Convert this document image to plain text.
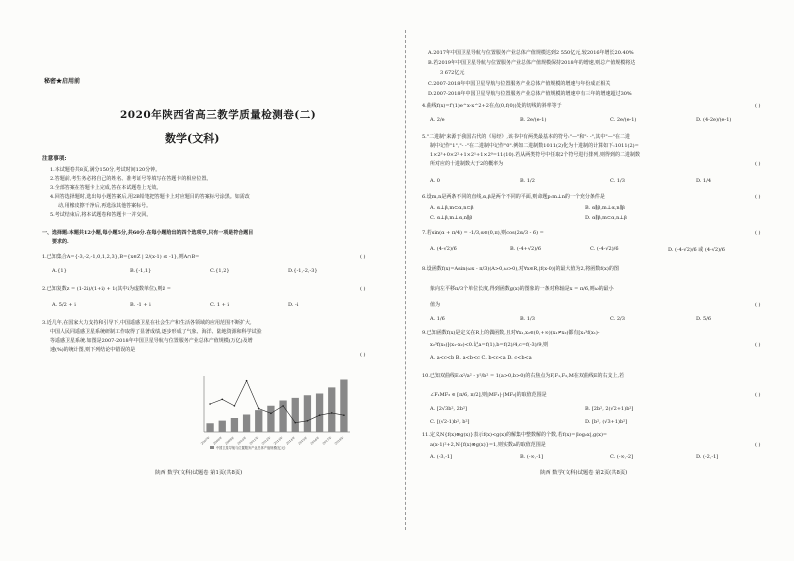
秘密★启用前
2020年陕西省高三教学质量检测卷(二)
数学(文科)
注意事项:
1.本试题卷共8页,满分150分,考试时间120分钟。
2.答题前,考生务必将自己的姓名、准考证号等填写在答题卡的相应位置。
3.全部答案在答题卡上完成,答在本试题卷上无效。
4.回答选择题时,选出每小题答案后,用2B铅笔把答题卡上对应题目的答案标号涂黑。如需改
动,用橡皮擦干净后,再选涂其他答案标号。
5.考试结束后,将本试题卷和答题卡一并交回。
一、选择题:本题共12小题,每小题5分,共60分.在每小题给出的四个选项中,只有一项是符合题目
要求的.
1.已知集合A={-3,-2,-1,0,1,2,3},B={x∈Z | 2/(x-1) ≤ -1},则A∩B=	( )
A.{1}	B.{-1,1}	C.{1,2}	D.{-1,-2,-3}
2.已知复数z = (1-2i)/(1+i) + 1(其中i为虚数单位),则z̄ =	( )
A. 5/2 + i	B. -1 + i	C. 1 + i	D. -i
3.近几年,在国家大力支持和引导下,中国遥感卫星在社会生产和生活各领域的应用范围不断扩大,
中国人民同遥感卫星系统研制工作取得了显著成绩,逐步形成了气象、海洋、陆地资源和科学试验
等遥感卫星系统.如图是2007-2018年中国卫星导航与位置服务产业总体产值规模(万亿)及增
速(%)的统计图,则下列结论中错误的是
( )
2007年 2008年 2009年 2010年 2011年 2012年 2013年 2014年 2015年 2016年 2017年 2018年
中国卫星导航与位置服务产业总体产值规模(亿元)
陕西 数学(文科)试题卷 第1页(共8页)
A.2017年中国卫星导航与位置服务产业总体产值规模达到2 550亿元,较2016年增长20.40%
B.若2019年中国卫星导航与位置服务产业总体产值规模保持2018年的增速,则总产值规模将达
3 672亿元
C.2007-2018年中国卫星导航与位置服务产业总体产值规模的增速与年份成正相关
D.2007-2018年中国卫星导航与位置服务产业总体产值规模的增速中有三年的增速超过30%
4.曲线f(x)=f'(1)e^x-x^2+2在点(0,f(0))处的切线的斜率等于	( )
A. 2/e	B. 2e/(e-1)	C. 2e/(e-1)	D. (4-2e)/(e-1)
5."二进制"来源于我国古代的《易经》,该书中有两类最基本的符号:"—"和"- -",其中"—"在二进
制中记作"1","- -"在二进制中记作"0".例如二进制数1011(2)化为十进制的计算如下:1011(2)=
1×2³+0×2²+1×2¹+1×2⁰=11(10).若从两类符号中任取2个符号进行排列,则得到的二进制数
所对应的十进制数大于2的概率为	( )
A. 0	B. 1/2	C. 1/3	D. 1/4
6.设m,n是两条不同的直线,α,β是两个不同的平面,则命题p:m⊥n的一个充分条件是	( )
A. α⊥β,m⊂α,n⊂β	B. α∥β,m⊥α,n∥β
C. α⊥β,m⊥α,n∥β	D. α∥β,m⊂α,n⊥β
7.若sin(α + π/4) = -1/3,α∈(0,π),则cos(2α/3 - 6) =	( )
A. (4-√2)/6	B. (-4+√2)/6	C. (-4-√2)/6	D. (-4-√2)/6 或 (4-√2)/6
8.设函数f(x)=Asin(ωx - π/3)(A>0,ω>0),对∀x∈R,|f(x-0)|的最大值为2,将函数f(x)的图
象向左平移π/3个单位长度,得到函数g(x)的图象的一条对称轴是x = π/6,则ω的最小
值为	( )
A. 1/6	B. 1/3	C. 2/3	D. 5/6
9.已知函数f(x)是定义在R上的偶函数,且对∀x₁,x₂∈(0,+∞)(x₁≠x₂)都有[x₁³f(x₁)-
x₂³f(x₂)](x₁-x₂)<0.记a=f(1),b=f(2)/4,c=f(-3)/9,则	( )
A. a<c<b B. a<b<c C. b<c<a D. c<b<a
10.已知双曲线E:x²/a² - y²/b² = 1(a>0,b>0)的右焦点为F,F₁,F₂,M在双曲线E的右支上,若
∠F₁MF₂ ∈ [π/6, π/2],则|MF₁|·|MF₂|的取值范围是	( )
A. [2√3b², 2b²]	B. [2b², 2(√2+1)b²]
C. [(√2-1)b², b²]	D. [b², (√3+1)b²]
11.定义N{f(x)⊗g(x)}表示f(x)<g(x)的解集中整数解的个数,若f(x)=|log₂x|,g(x)=
a(x-1)²+2,N{f(x)⊗g(x)}=1,则实数a的取值范围是	( )
A. (-3,-1]	B. (-∞,-1]	C. (-∞,-2]	D. (-2,-1]
陕西 数学(文科)试题卷 第2页(共8页)
